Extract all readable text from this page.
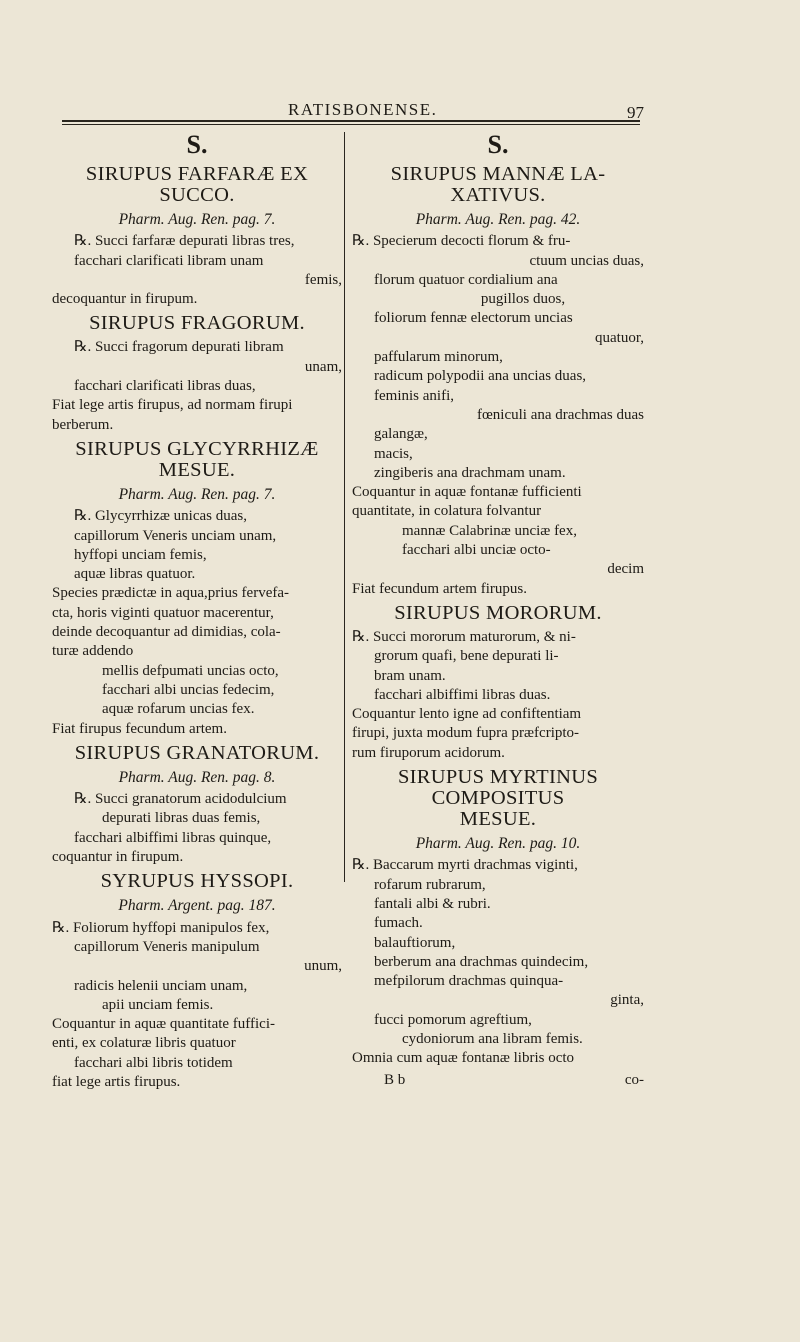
RATISBONENSE.	97
S.
SIRUPUS FARFARÆ EX
SUCCO.
Pharm. Aug. Ren. pag. 7.
℞. Succi farfaræ depurati libras tres,
facchari clarificati libram unam
femis,
decoquantur in firupum.
SIRUPUS FRAGORUM.
℞. Succi fragorum depurati libram
unam,
facchari clarificati libras duas,
Fiat lege artis firupus, ad normam firupi
berberum.
SIRUPUS GLYCYRRHIZÆ
MESUE.
Pharm. Aug. Ren. pag. 7.
℞. Glycyrrhizæ unicas duas,
capillorum Veneris unciam unam,
hyffopi unciam femis,
aquæ libras quatuor.
Species prædictæ in aqua,prius fervefa-
cta, horis viginti quatuor macerentur,
deinde decoquantur ad dimidias, cola-
turæ addendo
mellis defpumati uncias octo,
facchari albi uncias fedecim,
aquæ rofarum uncias fex.
Fiat firupus fecundum artem.
SIRUPUS GRANATORUM.
Pharm. Aug. Ren. pag. 8.
℞. Succi granatorum acidodulcium
depurati libras duas femis,
facchari albiffimi libras quinque,
coquantur in firupum.
SYRUPUS HYSSOPI.
Pharm. Argent. pag. 187.
℞. Foliorum hyffopi manipulos fex,
capillorum Veneris manipulum
unum,
radicis helenii unciam unam,
apii unciam femis.
Coquantur in aquæ quantitate fuffici-
enti, ex colaturæ libris quatuor
facchari albi libris totidem
fiat lege artis firupus.
S.
SIRUPUS MANNÆ LA-
XATIVUS.
Pharm. Aug. Ren. pag. 42.
℞. Specierum decocti florum & fru-
ctuum uncias duas,
florum quatuor cordialium ana
pugillos duos,
foliorum fennæ electorum uncias
quatuor,
paffularum minorum,
radicum polypodii ana uncias duas,
feminis anifi,
fœniculi ana drachmas duas
galangæ,
macis,
zingiberis ana drachmam unam.
Coquantur in aquæ fontanæ fufficienti
quantitate, in colatura folvantur
mannæ Calabrinæ unciæ fex,
facchari albi unciæ octo-
decim
Fiat fecundum artem firupus.
SIRUPUS MORORUM.
℞. Succi mororum maturorum, & ni-
grorum quafi, bene depurati li-
bram unam.
facchari albiffimi libras duas.
Coquantur lento igne ad confiftentiam
firupi, juxta modum fupra præfcripto-
rum firuporum acidorum.
SIRUPUS MYRTINUS
COMPOSITUS
MESUE.
Pharm. Aug. Ren. pag. 10.
℞. Baccarum myrti drachmas viginti,
rofarum rubrarum,
fantali albi & rubri.
fumach.
balauftiorum,
berberum ana drachmas quindecim,
mefpilorum drachmas quinqua-
ginta,
fucci pomorum agreftium,
cydoniorum ana libram femis.
Omnia cum aquæ fontanæ libris octo
B b	co-
